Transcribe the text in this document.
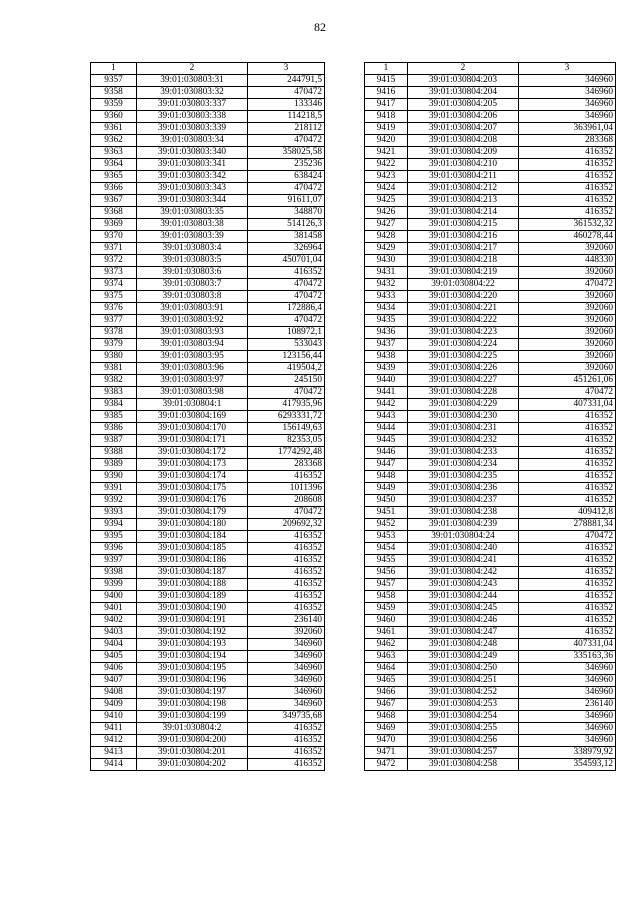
82
1	2	3
9357	39:01:030803:31	244791,5
9358	39:01:030803:32	470472
9359	39:01:030803:337	133346
9360	39:01:030803:338	114218,5
9361	39:01:030803:339	218112
9362	39:01:030803:34	470472
9363	39:01:030803:340	358025,58
9364	39:01:030803:341	235236
9365	39:01:030803:342	638424
9366	39:01:030803:343	470472
9367	39:01:030803:344	91611,07
9368	39:01:030803:35	348870
9369	39:01:030803:38	514126,3
9370	39:01:030803:39	381458
9371	39:01:030803:4	326964
9372	39:01:030803:5	450701,04
9373	39:01:030803:6	416352
9374	39:01:030803:7	470472
9375	39:01:030803:8	470472
9376	39:01:030803:91	172886,4
9377	39:01:030803:92	470472
9378	39:01:030803:93	108972,1
9379	39:01:030803:94	533043
9380	39:01:030803:95	123156,44
9381	39:01:030803:96	419504,2
9382	39:01:030803:97	245150
9383	39:01:030803:98	470472
9384	39:01:030804:1	417935,96
9385	39:01:030804:169	6293331,72
9386	39:01:030804:170	156149,63
9387	39:01:030804:171	82353,05
9388	39:01:030804:172	1774292,48
9389	39:01:030804:173	283368
9390	39:01:030804:174	416352
9391	39:01:030804:175	1011396
9392	39:01:030804:176	208608
9393	39:01:030804:179	470472
9394	39:01:030804:180	209692,32
9395	39:01:030804:184	416352
9396	39:01:030804:185	416352
9397	39:01:030804:186	416352
9398	39:01:030804:187	416352
9399	39:01:030804:188	416352
9400	39:01:030804:189	416352
9401	39:01:030804:190	416352
9402	39:01:030804:191	236140
9403	39:01:030804:192	392060
9404	39:01:030804:193	346960
9405	39:01:030804:194	346960
9406	39:01:030804:195	346960
9407	39:01:030804:196	346960
9408	39:01:030804:197	346960
9409	39:01:030804:198	346960
9410	39:01:030804:199	349735,68
9411	39:01:030804:2	416352
9412	39:01:030804:200	416352
9413	39:01:030804:201	416352
9414	39:01:030804:202	416352
1	2	3
9415	39:01:030804:203	346960
9416	39:01:030804:204	346960
9417	39:01:030804:205	346960
9418	39:01:030804:206	346960
9419	39:01:030804:207	363961,04
9420	39:01:030804:208	283368
9421	39:01:030804:209	416352
9422	39:01:030804:210	416352
9423	39:01:030804:211	416352
9424	39:01:030804:212	416352
9425	39:01:030804:213	416352
9426	39:01:030804:214	416352
9427	39:01:030804:215	361532,32
9428	39:01:030804:216	460278,44
9429	39:01:030804:217	392060
9430	39:01:030804:218	448330
9431	39:01:030804:219	392060
9432	39:01:030804:22	470472
9433	39:01:030804:220	392060
9434	39:01:030804:221	392060
9435	39:01:030804:222	392060
9436	39:01:030804:223	392060
9437	39:01:030804:224	392060
9438	39:01:030804:225	392060
9439	39:01:030804:226	392060
9440	39:01:030804:227	451261,06
9441	39:01:030804:228	470472
9442	39:01:030804:229	407331,04
9443	39:01:030804:230	416352
9444	39:01:030804:231	416352
9445	39:01:030804:232	416352
9446	39:01:030804:233	416352
9447	39:01:030804:234	416352
9448	39:01:030804:235	416352
9449	39:01:030804:236	416352
9450	39:01:030804:237	416352
9451	39:01:030804:238	409412,8
9452	39:01:030804:239	278881,34
9453	39:01:030804:24	470472
9454	39:01:030804:240	416352
9455	39:01:030804:241	416352
9456	39:01:030804:242	416352
9457	39:01:030804:243	416352
9458	39:01:030804:244	416352
9459	39:01:030804:245	416352
9460	39:01:030804:246	416352
9461	39:01:030804:247	416352
9462	39:01:030804:248	407331,04
9463	39:01:030804:249	335163,36
9464	39:01:030804:250	346960
9465	39:01:030804:251	346960
9466	39:01:030804:252	346960
9467	39:01:030804:253	236140
9468	39:01:030804:254	346960
9469	39:01:030804:255	346960
9470	39:01:030804:256	346960
9471	39:01:030804:257	338979,92
9472	39:01:030804:258	354593,12
